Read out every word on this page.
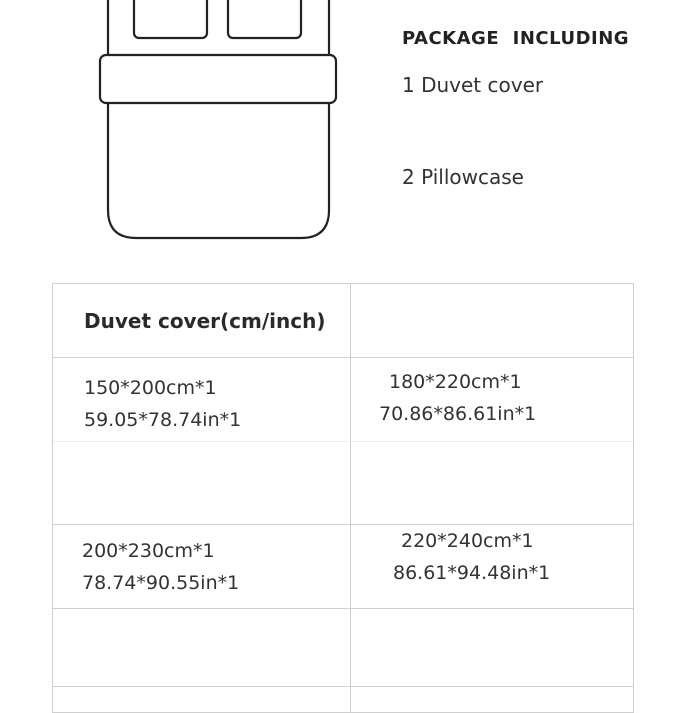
PACKAGE  INCLUDING
1 Duvet cover
2 Pillowcase
Duvet cover(cm/inch)
150*200cm*1
59.05*78.74in*1
180*220cm*1
70.86*86.61in*1
200*230cm*1
78.74*90.55in*1
220*240cm*1
86.61*94.48in*1
